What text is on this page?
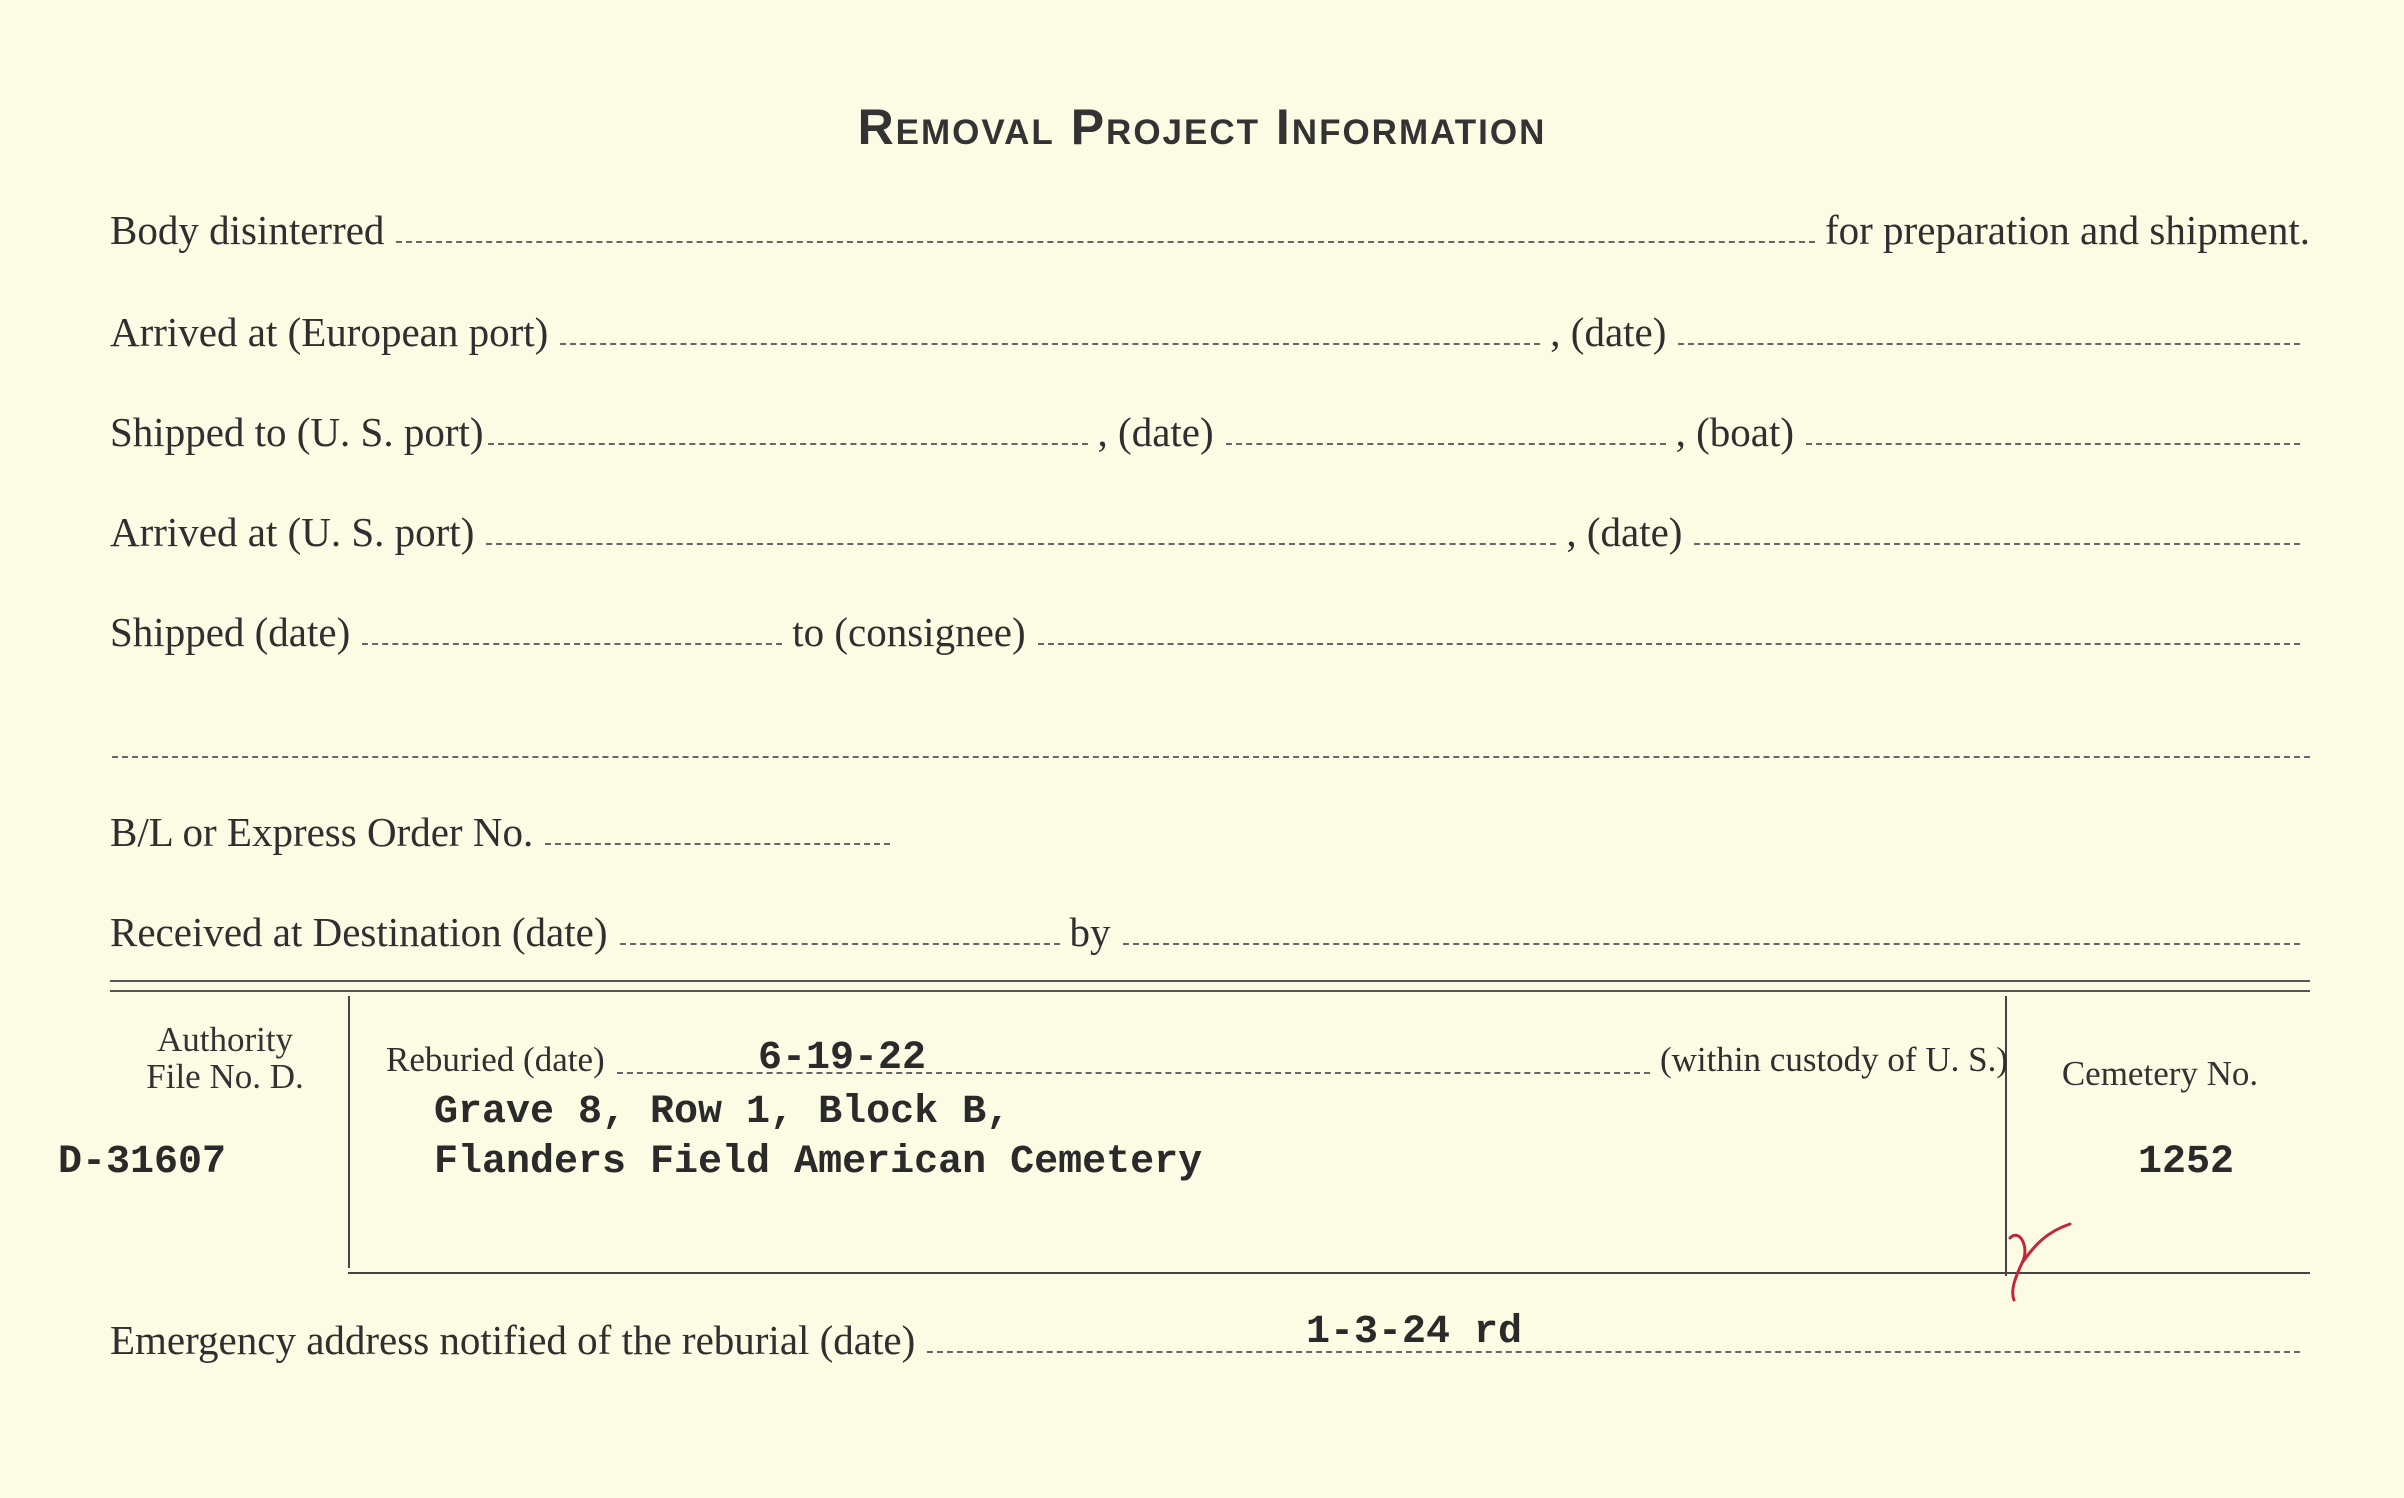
Removal Project Information
Body disinterred	for preparation and shipment.
Arrived at (European port)	, (date)
Shipped to (U. S. port)	, (date)	, (boat)
Arrived at (U. S. port)	, (date)
Shipped (date)	to (consignee)
B/L or Express Order No.
Received at Destination (date)	by
Authority
File No. D.
D-31607
Reburied (date)	(within custody of U. S.)
6-19-22
Grave 8, Row 1, Block B,
Flanders Field American Cemetery
Cemetery No.
1252
Emergency address notified of the reburial (date)	1-3-24 rd
